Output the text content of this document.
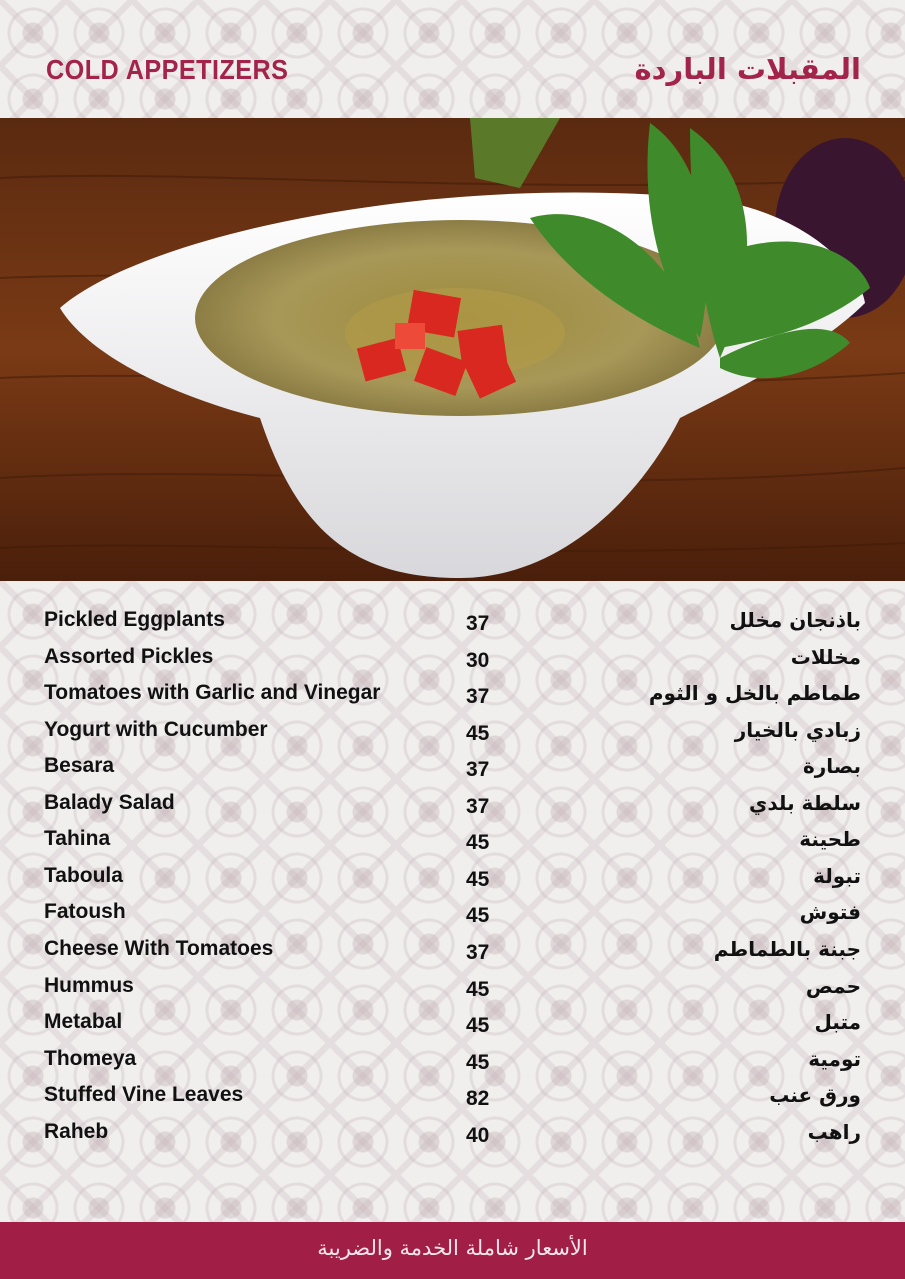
COLD APPETIZERS	المقبلات الباردة
Pickled Eggplants	37	باذنجان مخلل
Assorted Pickles	30	مخللات
Tomatoes with Garlic and Vinegar	37	طماطم بالخل و الثوم
Yogurt with Cucumber	45	زبادي بالخيار
Besara	37	بصارة
Balady Salad	37	سلطة بلدي
Tahina	45	طحينة
Taboula	45	تبولة
Fatoush	45	فتوش
Cheese With Tomatoes	37	جبنة بالطماطم
Hummus	45	حمص
Metabal	45	متبل
Thomeya	45	تومية
Stuffed Vine Leaves	82	ورق عنب
Raheb	40	راهب
الأسعار شاملة الخدمة والضريبة
